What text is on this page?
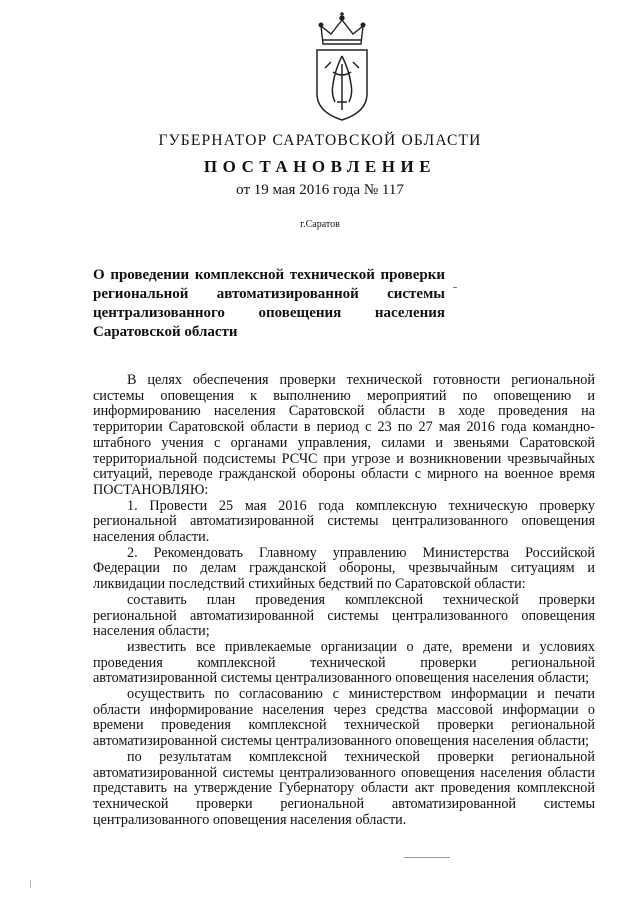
ГУБЕРНАТОР САРАТОВСКОЙ ОБЛАСТИ
ПОСТАНОВЛЕНИЕ
от 19 мая 2016 года № 117
г.Саратов
О проведении комплексной технической проверки региональной автоматизированной системы централизованного оповещения населения Саратовской области

В целях обеспечения проверки технической готовности региональной системы оповещения к выполнению мероприятий по оповещению и информированию населения Саратовской области в ходе проведения на территории Саратовской области в период с 23 по 27 мая 2016 года командно-штабного учения с органами управления, силами и звеньями Саратовской территориальной подсистемы РСЧС при угрозе и возникновении чрезвычайных ситуаций, переводе гражданской обороны области с мирного на военное время ПОСТАНОВЛЯЮ:

1. Провести 25 мая 2016 года комплексную техническую проверку региональной автоматизированной системы централизованного оповещения населения области.

2. Рекомендовать Главному управлению Министерства Российской Федерации по делам гражданской обороны, чрезвычайным ситуациям и ликвидации последствий стихийных бедствий по Саратовской области:

составить план проведения комплексной технической проверки региональной автоматизированной системы централизованного оповещения населения области;

известить все привлекаемые организации о дате, времени и условиях проведения комплексной технической проверки региональной автоматизированной системы централизованного оповещения населения области;

осуществить по согласованию с министерством информации и печати области информирование населения через средства массовой информации о времени проведения комплексной технической проверки региональной автоматизированной системы централизованного оповещения населения области;

по результатам комплексной технической проверки региональной автоматизированной системы централизованного оповещения населения области представить на утверждение Губернатору области акт проведения комплексной технической проверки региональной автоматизированной системы централизованного оповещения населения области.
